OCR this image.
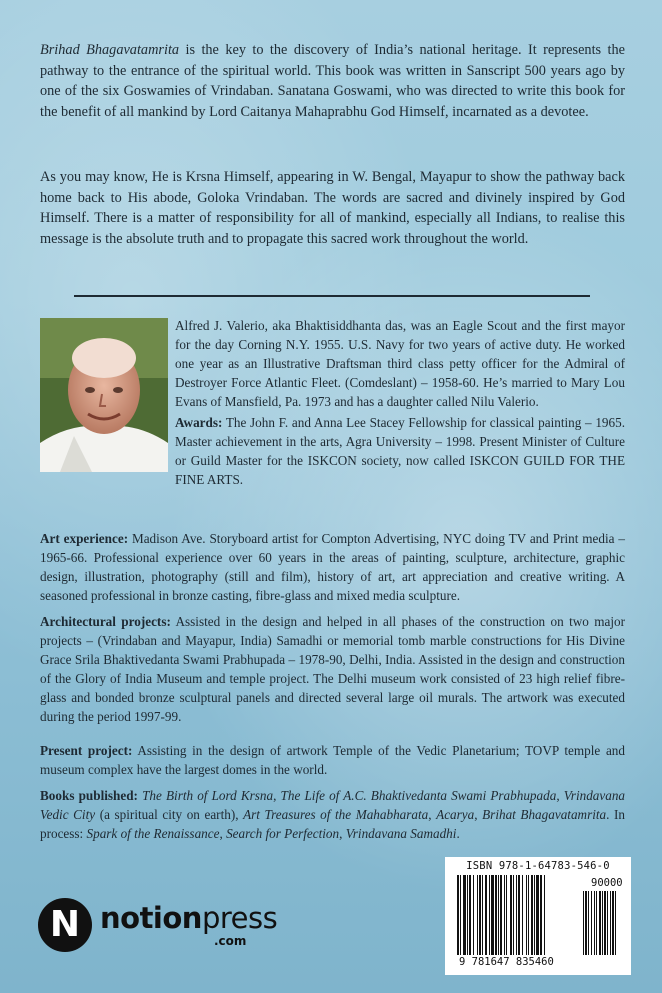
Brihad Bhagavatamrita is the key to the discovery of India’s national heritage. It represents the pathway to the entrance of the spiritual world. This book was written in Sanscript 500 years ago by one of the six Goswamies of Vrindaban. Sanatana Goswami, who was directed to write this book for the benefit of all mankind by Lord Caitanya Mahaprabhu God Himself, incarnated as a devotee.

As you may know, He is Krsna Himself, appearing in W. Bengal, Mayapur to show the pathway back home back to His abode, Goloka Vrindaban. The words are sacred and divinely inspired by God Himself. There is a matter of responsibility for all of mankind, especially all Indians, to realise this message is the absolute truth and to propagate this sacred work throughout the world.

Alfred J. Valerio, aka Bhaktisiddhanta das, was an Eagle Scout and the first mayor for the day Corning N.Y. 1955. U.S. Navy for two years of active duty. He worked one year as an Illustrative Draftsman third class petty officer for the Admiral of Destroyer Force Atlantic Fleet. (Comdeslant) – 1958-60. He’s married to Mary Lou Evans of Mansfield, Pa. 1973 and has a daughter called Nilu Valerio.

Awards: The John F. and Anna Lee Stacey Fellowship for classical painting – 1965. Master achievement in the arts, Agra University – 1998. Present Minister of Culture or Guild Master for the ISKCON society, now called ISKCON GUILD FOR THE FINE ARTS.

Art experience: Madison Ave. Storyboard artist for Compton Advertising, NYC doing TV and Print media – 1965-66. Professional experience over 60 years in the areas of painting, sculpture, architecture, graphic design, illustration, photography (still and film), history of art, art appreciation and creative writing. A seasoned professional in bronze casting, fibre-glass and mixed media sculpture.

Architectural projects: Assisted in the design and helped in all phases of the construction on two major projects – (Vrindaban and Mayapur, India) Samadhi or memorial tomb marble constructions for His Divine Grace Srila Bhaktivedanta Swami Prabhupada – 1978-90, Delhi, India. Assisted in the design and construction of the Glory of India Museum and temple project. The Delhi museum work consisted of 23 high relief fibre-glass and bonded bronze sculptural panels and directed several large oil murals. The artwork was executed during the period 1997-99.

Present project: Assisting in the design of artwork Temple of the Vedic Planetarium; TOVP temple and museum complex have the largest domes in the world.

Books published: The Birth of Lord Krsna, The Life of A.C. Bhaktivedanta Swami Prabhupada, Vrindavana Vedic City (a spiritual city on earth), Art Treasures of the Mahabharata, Acarya, Brihat Bhagavatamrita. In process: Spark of the Renaissance, Search for Perfection, Vrindavana Samadhi.

ISBN 978-1-64783-546-0
90000
9 781647 835460
N notionpress
.com
